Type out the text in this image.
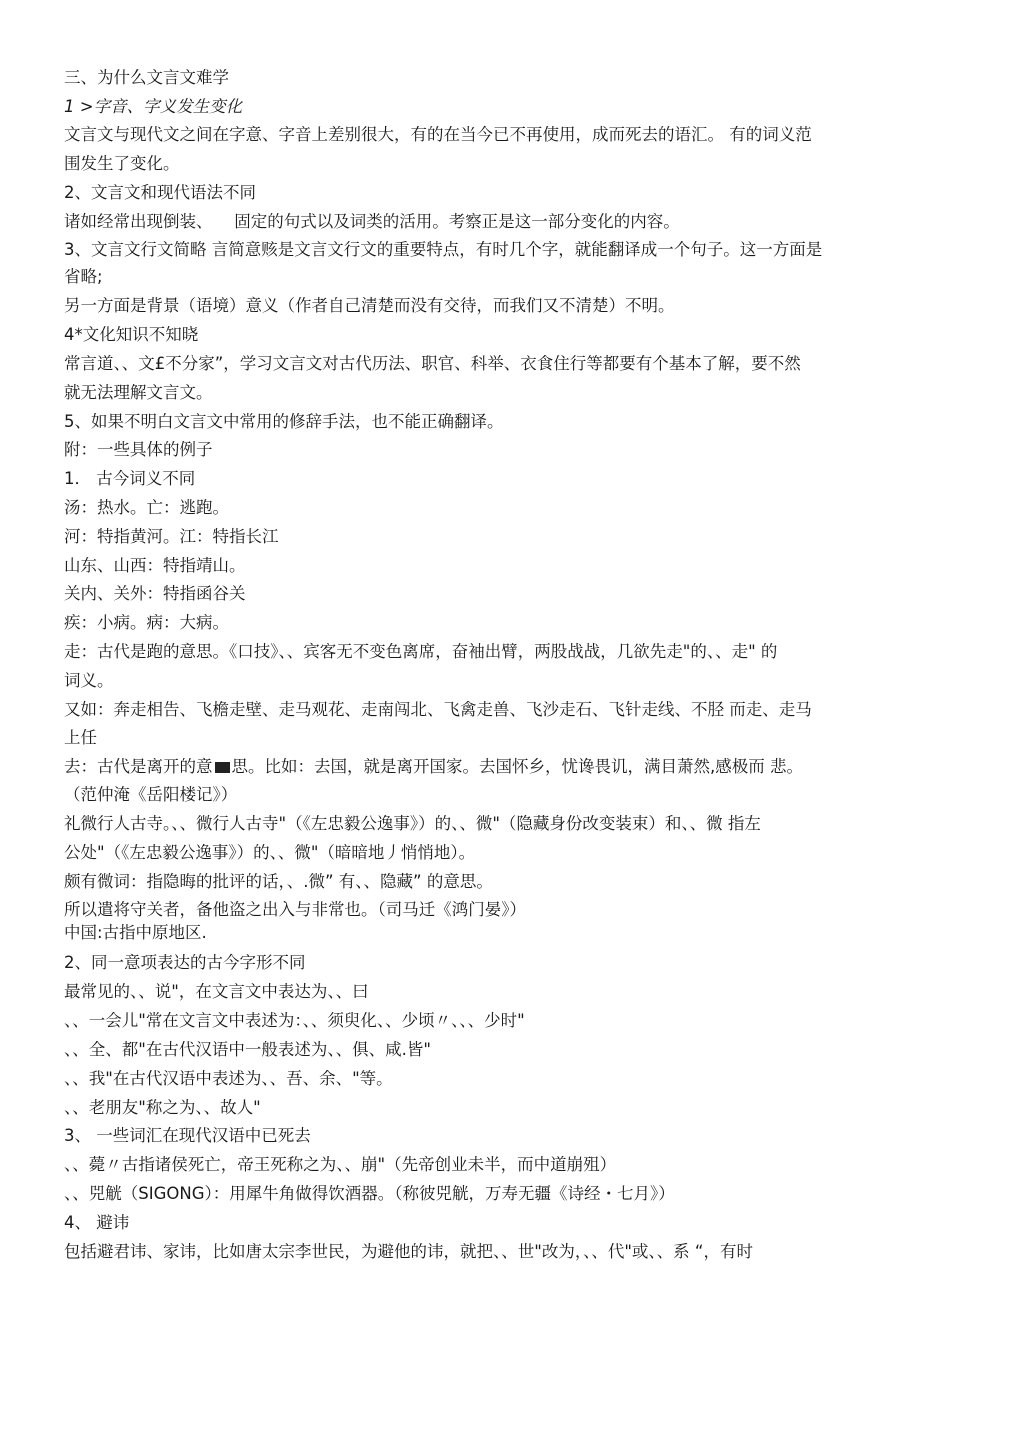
三、为什么文言文难学
1 >字音、字义发生变化
文言文与现代文之间在字意、字音上差别很大，有的在当今已不再使用，成而死去的语汇。 有的词义范
围发生了变化。
2、文言文和现代语法不同
诸如经常出现倒装、 　固定的句式以及词类的活用。考察正是这一部分变化的内容。
3、文言文行文简略 言简意赅是文言文行文的重要特点，有时几个字，就能翻译成一个句子。这一方面是
省略;
另一方面是背景（语境）意义（作者自己清楚而没有交待，而我们又不清楚）不明。
4*文化知识不知晓
常言道、、文£不分家”，学习文言文对古代历法、职官、科举、衣食住行等都要有个基本了解，要不然
就无法理解文言文。
5、如果不明白文言文中常用的修辞手法，也不能正确翻译。
附：一些具体的例子
1． 古今词义不同
汤：热水。亡：逃跑。
河：特指黄河。江：特指长江
山东、山西：特指靖山。
关内、关外：特指函谷关
疾：小病。病：大病。
走：古代是跑的意思。《口技》、、宾客无不变色离席，奋袖出臂，两股战战，几欲先走"的、、走" 的
词义。
又如：奔走相告、飞檐走壁、走马观花、走南闯北、飞禽走兽、飞沙走石、飞针走线、不胫 而走、走马
上任
去：古代是离开的意 思。比如：去国，就是离开国家。去国怀乡，忧谗畏讥，满目萧然,感极而 悲。
（范仲淹《岳阳楼记》）
礼微行人古寺。、、微行人古寺"（《左忠毅公逸事》）的、、微"（隐藏身份改变装束）和、、微 指左
公处"（《左忠毅公逸事》）的、、微"（暗暗地丿悄悄地）。
颇有微词：指隐晦的批评的话，、.微” 有、、隐藏” 的意思。
所以遣将守关者，备他盗之出入与非常也。（司马迁《鸿门晏》）
中国:古指中原地区.
2、同一意项表达的古今字形不同
最常见的、、说"，在文言文中表达为、、曰
、、一会儿"常在文言文中表述为：、、须臾化、、少顷〃、、、少时"
、、全、都"在古代汉语中一般表述为、、俱、咸.皆"
、、我"在古代汉语中表述为、、吾、余、"等。
、、老朋友"称之为、、故人"
3、 一些词汇在现代汉语中已死去
、、薨〃古指诸侯死亡，帝王死称之为、、崩"（先帝创业未半，而中道崩殂）
、、兕觥（SIGONG）：用犀牛角做得饮酒器。（称彼兕觥，万寿无疆《诗经・七月》）
4、 避讳
包括避君讳、家讳，比如唐太宗李世民，为避他的讳，就把、、世"改为，、、代"或、、系 “，有时
